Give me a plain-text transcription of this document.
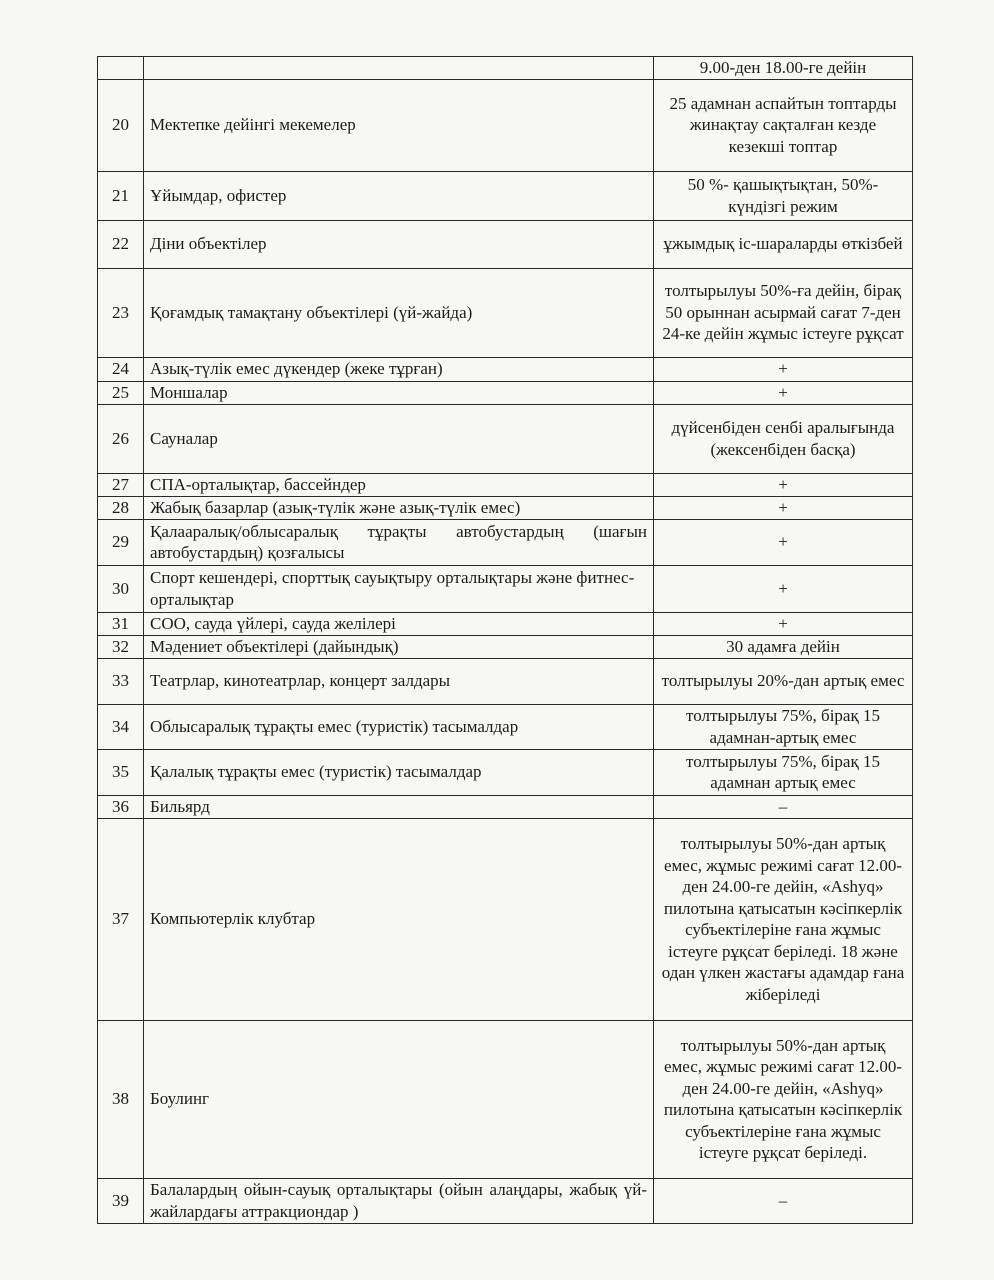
		9.00-ден 18.00-ге дейін
20	Мектепке дейінгі мекемелер	25 адамнан аспайтын топтарды жинақтау сақталған кезде кезекші топтар
21	Ұйымдар, офистер	50 %- қашықтықтан, 50%- күндізгі режим
22	Діни объектілер	ұжымдық іс-шараларды өткізбей
23	Қоғамдық тамақтану объектілері (үй-жайда)	толтырылуы 50%-ға дейін, бірақ 50 орыннан асырмай сағат 7-ден 24-ке дейін жұмыс істеуге рұқсат
24	Азық-түлік емес дүкендер (жеке тұрған)	+
25	Моншалар	+
26	Сауналар	дүйсенбіден сенбі аралығында (жексенбіден басқа)
27	СПА-орталықтар, бассейндер	+
28	Жабық базарлар (азық-түлік және азық-түлік емес)	+
29	Қалааралық/облысаралық тұрақты автобустардың (шағын автобустардың) қозғалысы	+
30	Спорт кешендері, спорттық сауықтыру орталықтары және фитнес-орталықтар	+
31	СОО, сауда үйлері, сауда желілері	+
32	Мәдениет объектілері (дайындық)	30 адамға дейін
33	Театрлар, кинотеатрлар, концерт залдары	толтырылуы 20%-дан артық емес
34	Облысаралық тұрақты емес (туристік) тасымалдар	толтырылуы 75%, бірақ 15 адамнан-артық емес
35	Қалалық тұрақты емес (туристік) тасымалдар	толтырылуы 75%, бірақ 15 адамнан артық емес
36	Бильярд	–
37	Компьютерлік клубтар	толтырылуы 50%-дан артық емес, жұмыс режимі сағат 12.00-ден 24.00-ге дейін, «Ashyq» пилотына қатысатын кәсіпкерлік субъектілеріне ғана жұмыс істеуге рұқсат беріледі. 18 және одан үлкен жастағы адамдар ғана жіберіледі
38	Боулинг	толтырылуы 50%-дан артық емес, жұмыс режимі сағат 12.00-ден 24.00-ге дейін, «Ashyq» пилотына қатысатын кәсіпкерлік субъектілеріне ғана жұмыс істеуге рұқсат беріледі.
39	Балалардың ойын-сауық орталықтары (ойын алаңдары, жабық үй-жайлардағы аттракциондар )	–
